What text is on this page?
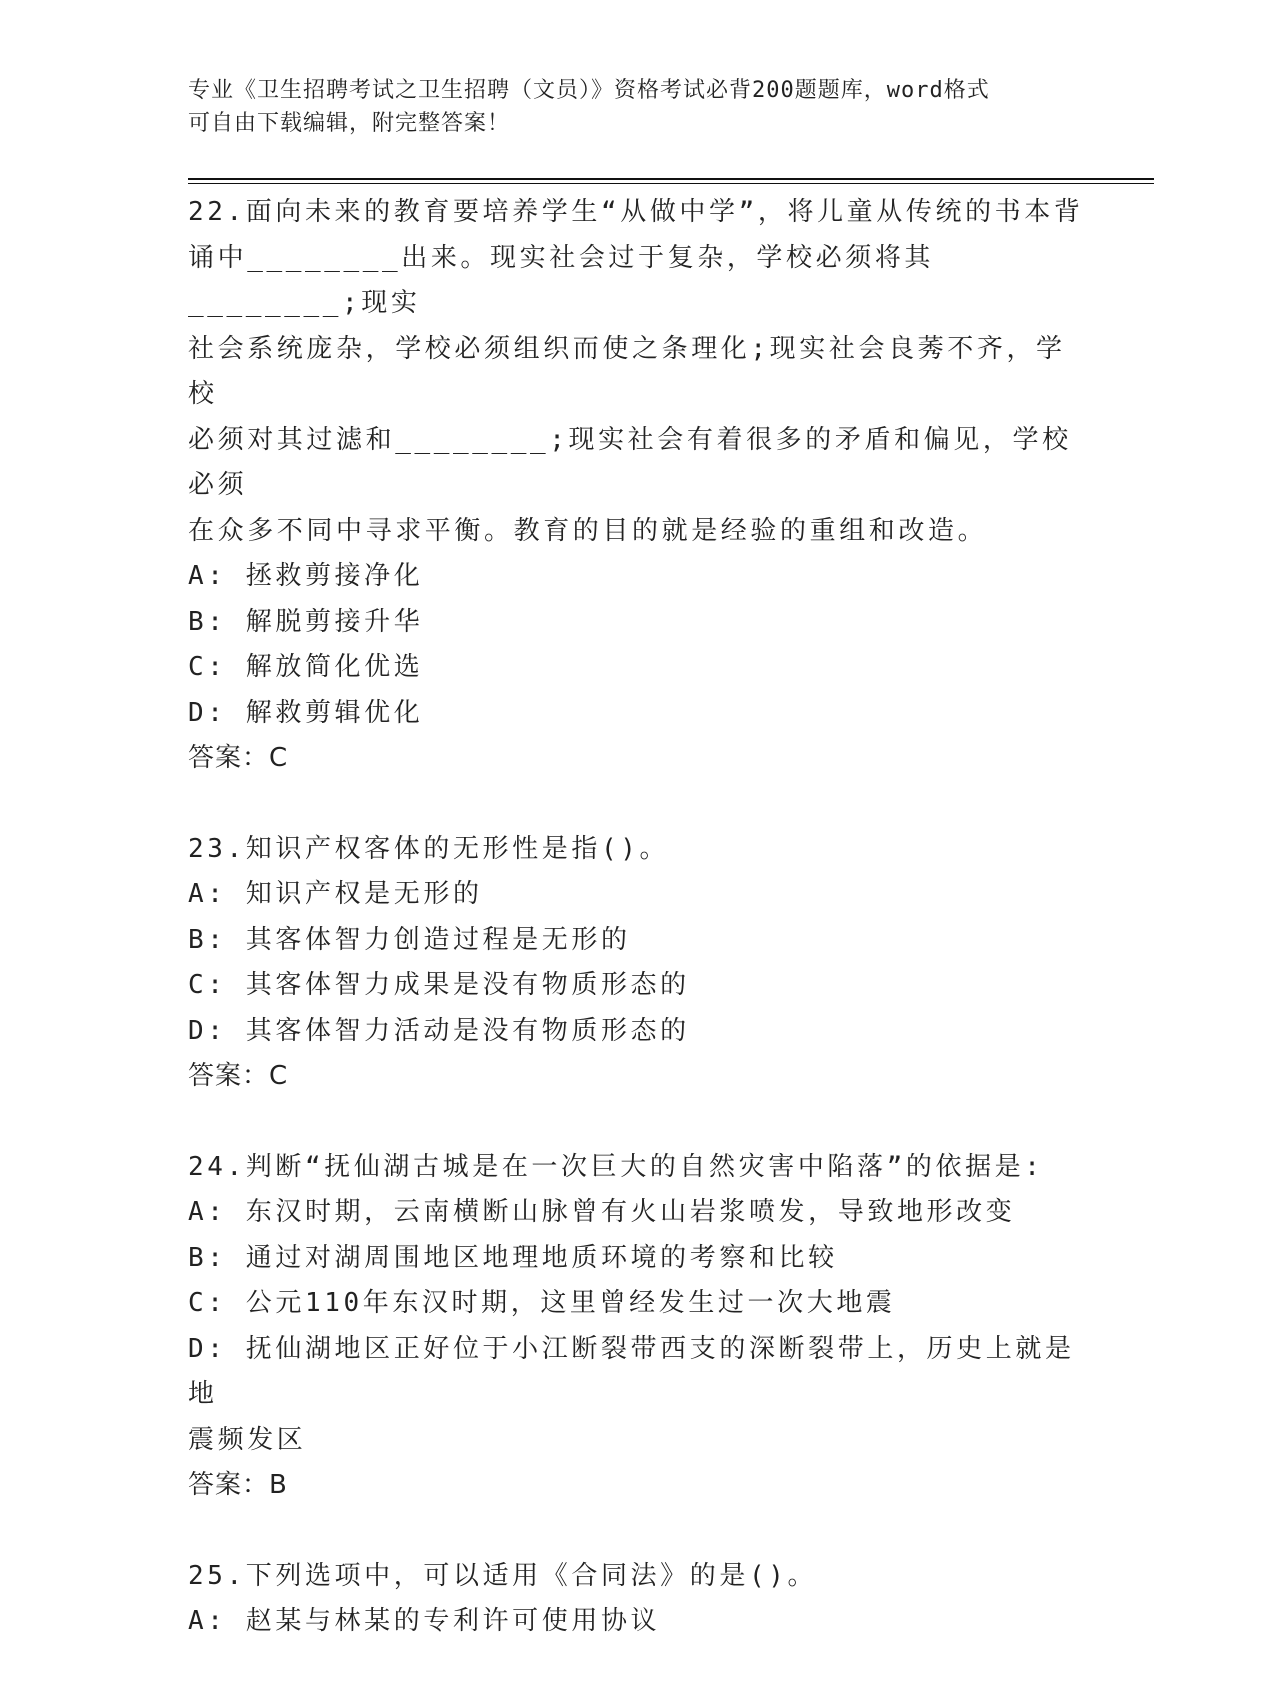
专业《卫生招聘考试之卫生招聘（文员）》资格考试必背200题题库，word格式
可自由下载编辑，附完整答案！

22.面向未来的教育要培养学生“从做中学”，将儿童从传统的书本背

诵中________出来。现实社会过于复杂，学校必须将其________;现实

社会系统庞杂，学校必须组织而使之条理化;现实社会良莠不齐，学校

必须对其过滤和________;现实社会有着很多的矛盾和偏见，学校必须

在众多不同中寻求平衡。教育的目的就是经验的重组和改造。

A: 拯救剪接净化

B: 解脱剪接升华

C: 解放简化优选

D: 解救剪辑优化

答案：C

23.知识产权客体的无形性是指()。

A: 知识产权是无形的

B: 其客体智力创造过程是无形的

C: 其客体智力成果是没有物质形态的

D: 其客体智力活动是没有物质形态的

答案：C

24.判断“抚仙湖古城是在一次巨大的自然灾害中陷落”的依据是:

A: 东汉时期，云南横断山脉曾有火山岩浆喷发，导致地形改变

B: 通过对湖周围地区地理地质环境的考察和比较

C: 公元110年东汉时期，这里曾经发生过一次大地震

D: 抚仙湖地区正好位于小江断裂带西支的深断裂带上，历史上就是地

震频发区

答案：B

25.下列选项中，可以适用《合同法》的是()。

A: 赵某与林某的专利许可使用协议
